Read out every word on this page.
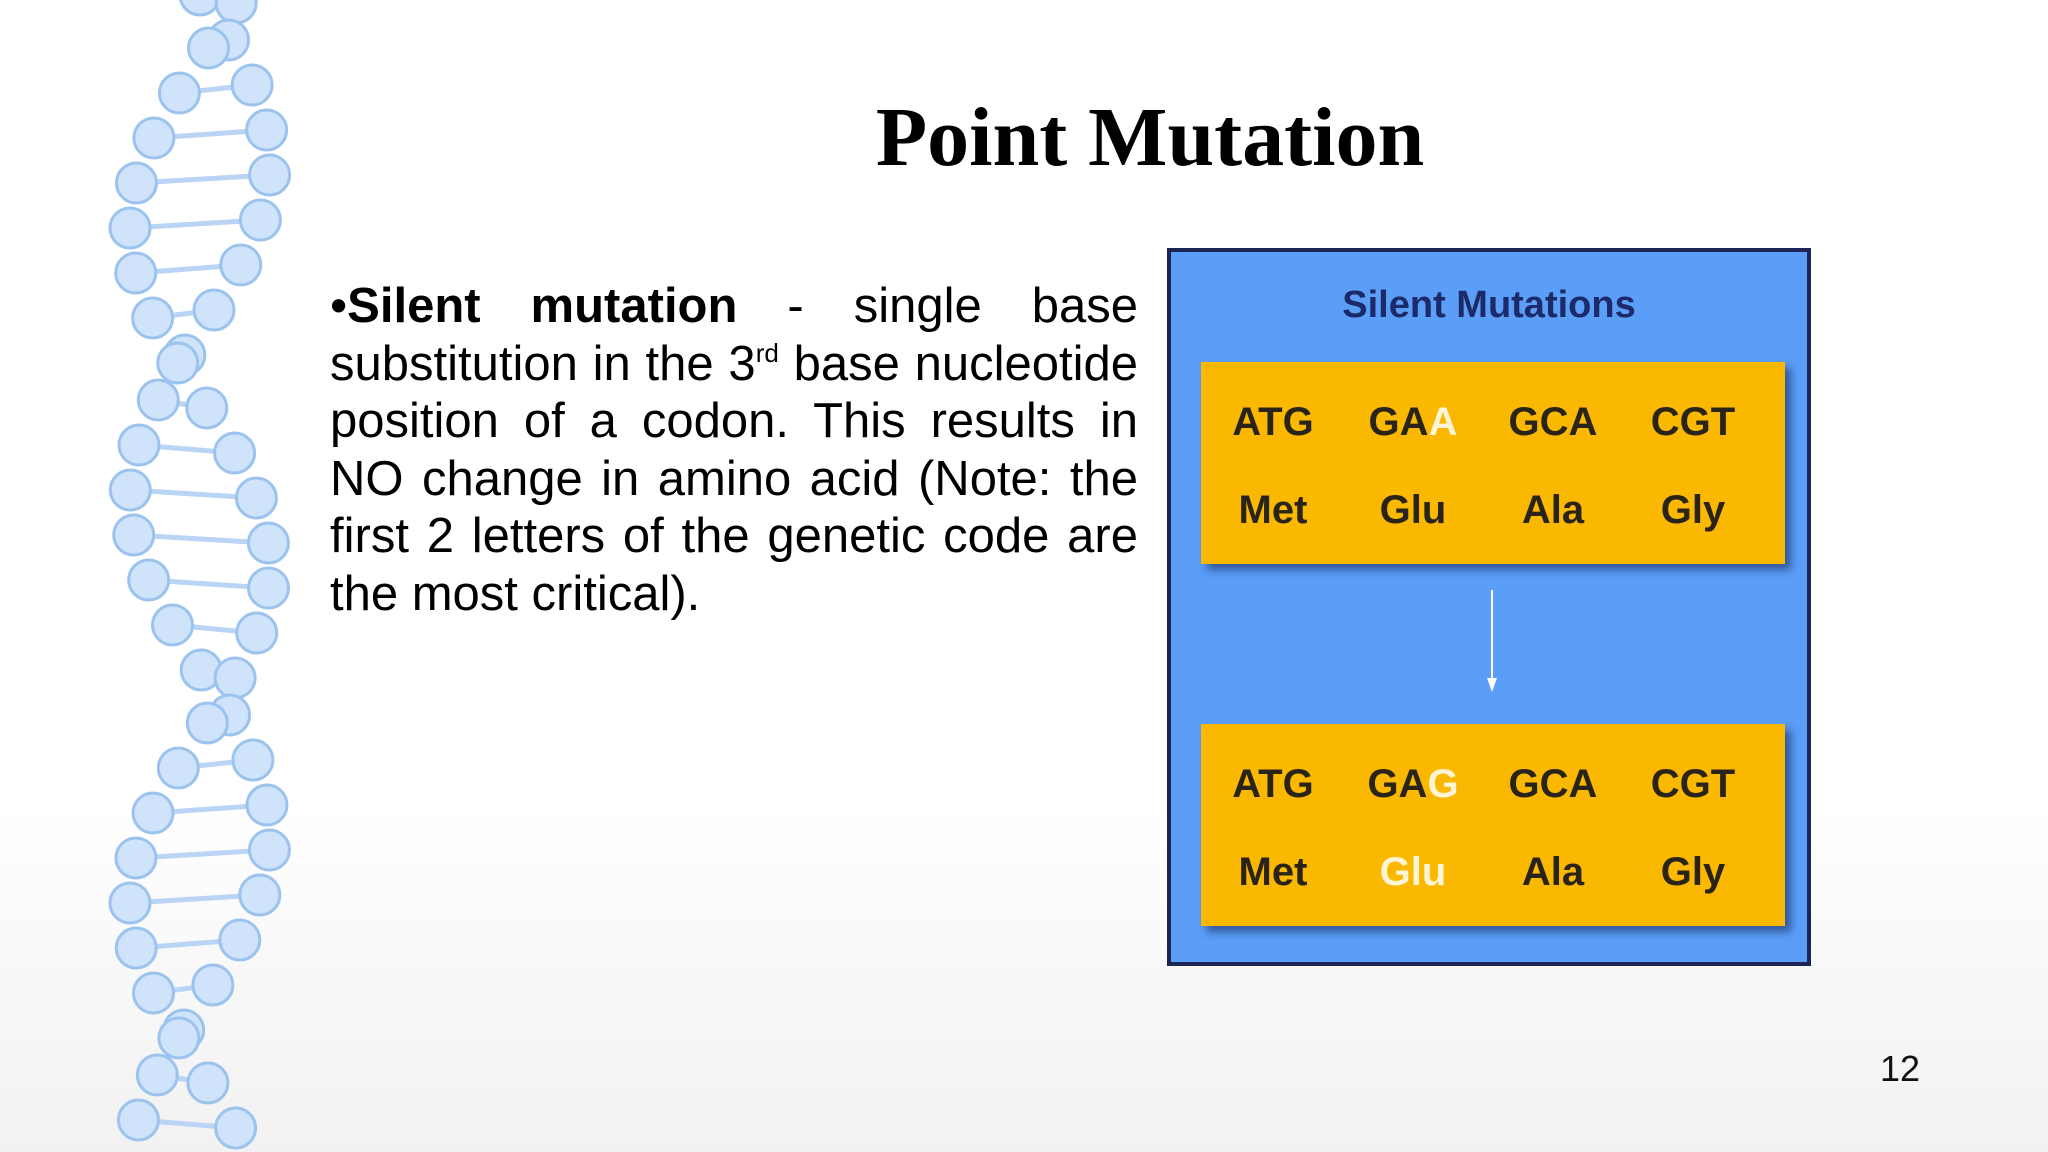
Point Mutation
•Silent mutation - single base substitution in the 3rd base nucleotide position of a codon. This results in NO change in amino acid (Note: the first 2 letters of the genetic code are the most critical).
Silent Mutations
ATG	GAA	GCA	CGT
Met	Glu	Ala	Gly
ATG	GAG	GCA	CGT
Met	Glu	Ala	Gly
12
